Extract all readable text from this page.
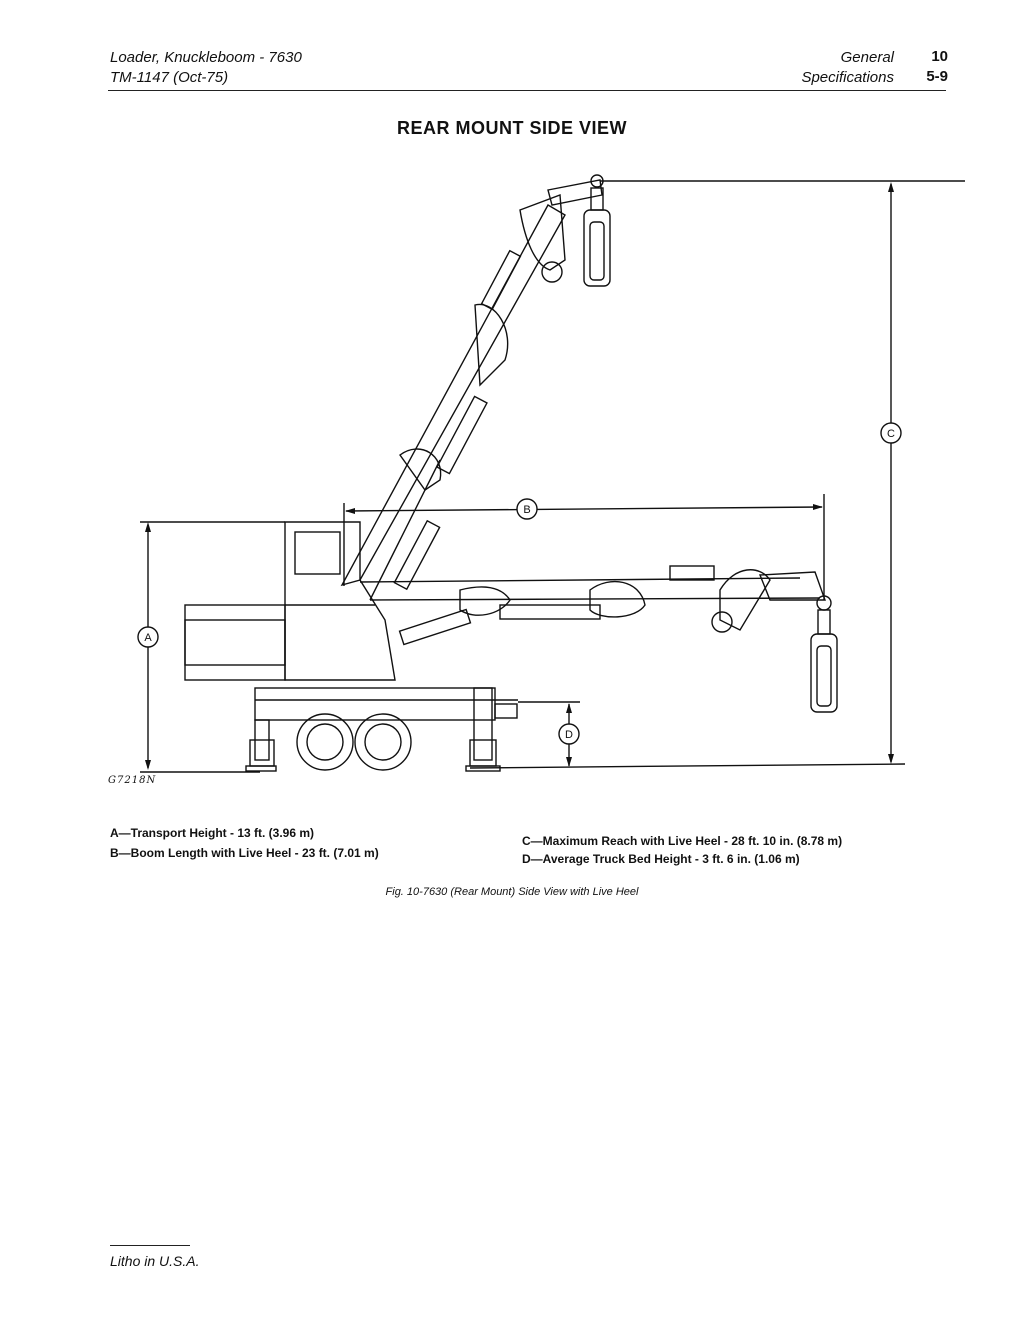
Loader, Knuckleboom - 7630
TM-1147 (Oct-75)
General	10
Specifications	5-9
REAR MOUNT SIDE VIEW
A
B
C
D
G7218N
A—Transport Height - 13 ft. (3.96 m)
B—Boom Length with Live Heel - 23 ft. (7.01 m)
C—Maximum Reach with Live Heel - 28 ft. 10 in. (8.78 m)
D—Average Truck Bed Height - 3 ft. 6 in. (1.06 m)
Fig. 10-7630 (Rear Mount) Side View with Live Heel
Litho in U.S.A.
